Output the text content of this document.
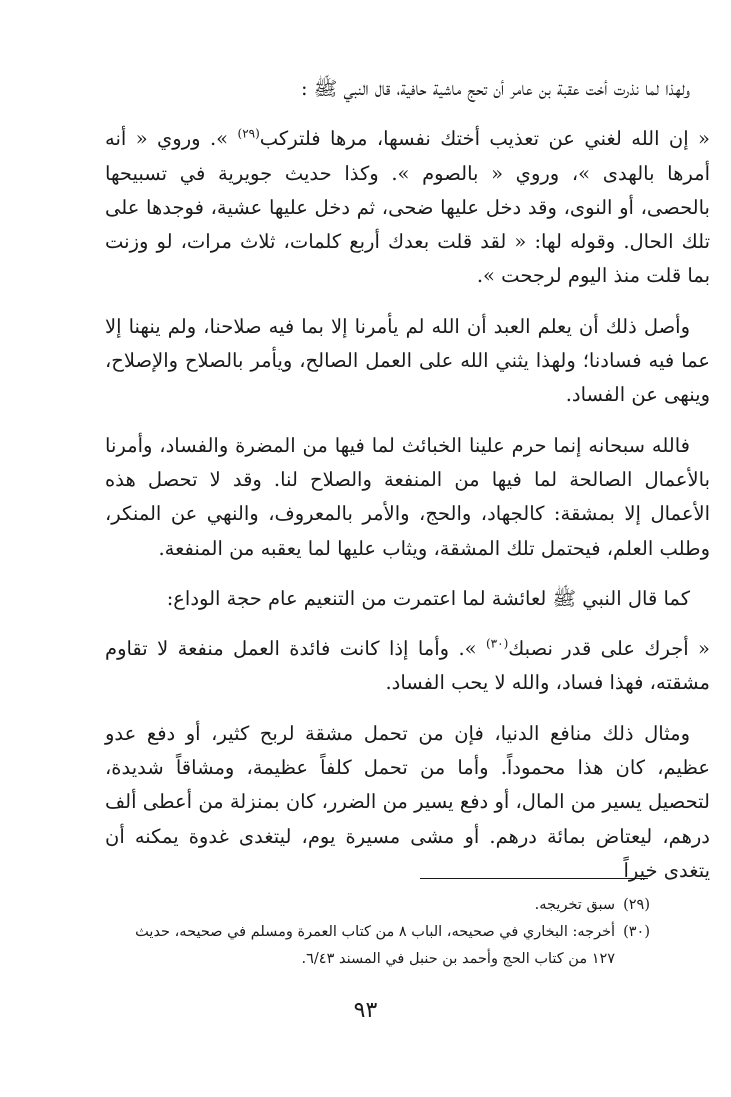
ولهذا لما نذرت أخت عقبة بن عامر أن تحج ماشية حافية، قال النبي ﷺ :

« إن الله لغني عن تعذيب أختك نفسها، مرها فلتركب$^{(٢٩)}$ ». وروي « أنه أمرها بالهدى »، وروي « بالصوم ». وكذا حديث جويرية في تسبيحها بالحصى، أو النوى، وقد دخل عليها ضحى، ثم دخل عليها عشية، فوجدها على تلك الحال. وقوله لها: « لقد قلت بعدك أربع كلمات، ثلاث مرات، لو وزنت بما قلت منذ اليوم لرجحت ».

وأصل ذلك أن يعلم العبد أن الله لم يأمرنا إلا بما فيه صلاحنا، ولم ينهنا إلا عما فيه فسادنا؛ ولهذا يثني الله على العمل الصالح، ويأمر بالصلاح والإصلاح، وينهى عن الفساد.

فالله سبحانه إنما حرم علينا الخبائث لما فيها من المضرة والفساد، وأمرنا بالأعمال الصالحة لما فيها من المنفعة والصلاح لنا. وقد لا تحصل هذه الأعمال إلا بمشقة: كالجهاد، والحج، والأمر بالمعروف، والنهي عن المنكر، وطلب العلم، فيحتمل تلك المشقة، ويثاب عليها لما يعقبه من المنفعة.

كما قال النبي ﷺ لعائشة لما اعتمرت من التنعيم عام حجة الوداع:

« أجرك على قدر نصبك$^{(٣٠)}$ ». وأما إذا كانت فائدة العمل منفعة لا تقاوم مشقته، فهذا فساد، والله لا يحب الفساد.

ومثال ذلك منافع الدنيا، فإن من تحمل مشقة لربح كثير، أو دفع عدو عظيم، كان هذا محموداً. وأما من تحمل كلفاً عظيمة، ومشاقاً شديدة، لتحصيل يسير من المال، أو دفع يسير من الضرر، كان بمنزلة من أعطى ألف درهم، ليعتاض بمائة درهم. أو مشى مسيرة يوم، ليتغدى غدوة يمكنه أن يتغدى خيراً

(٢٩)
سبق تخريجه.
(٣٠)
أخرجه: البخاري في صحيحه، الباب ٨ من كتاب العمرة ومسلم في صحيحه، حديث ١٢٧ من كتاب الحج وأحمد بن حنبل في المسند ٦/٤٣.
٩٣
